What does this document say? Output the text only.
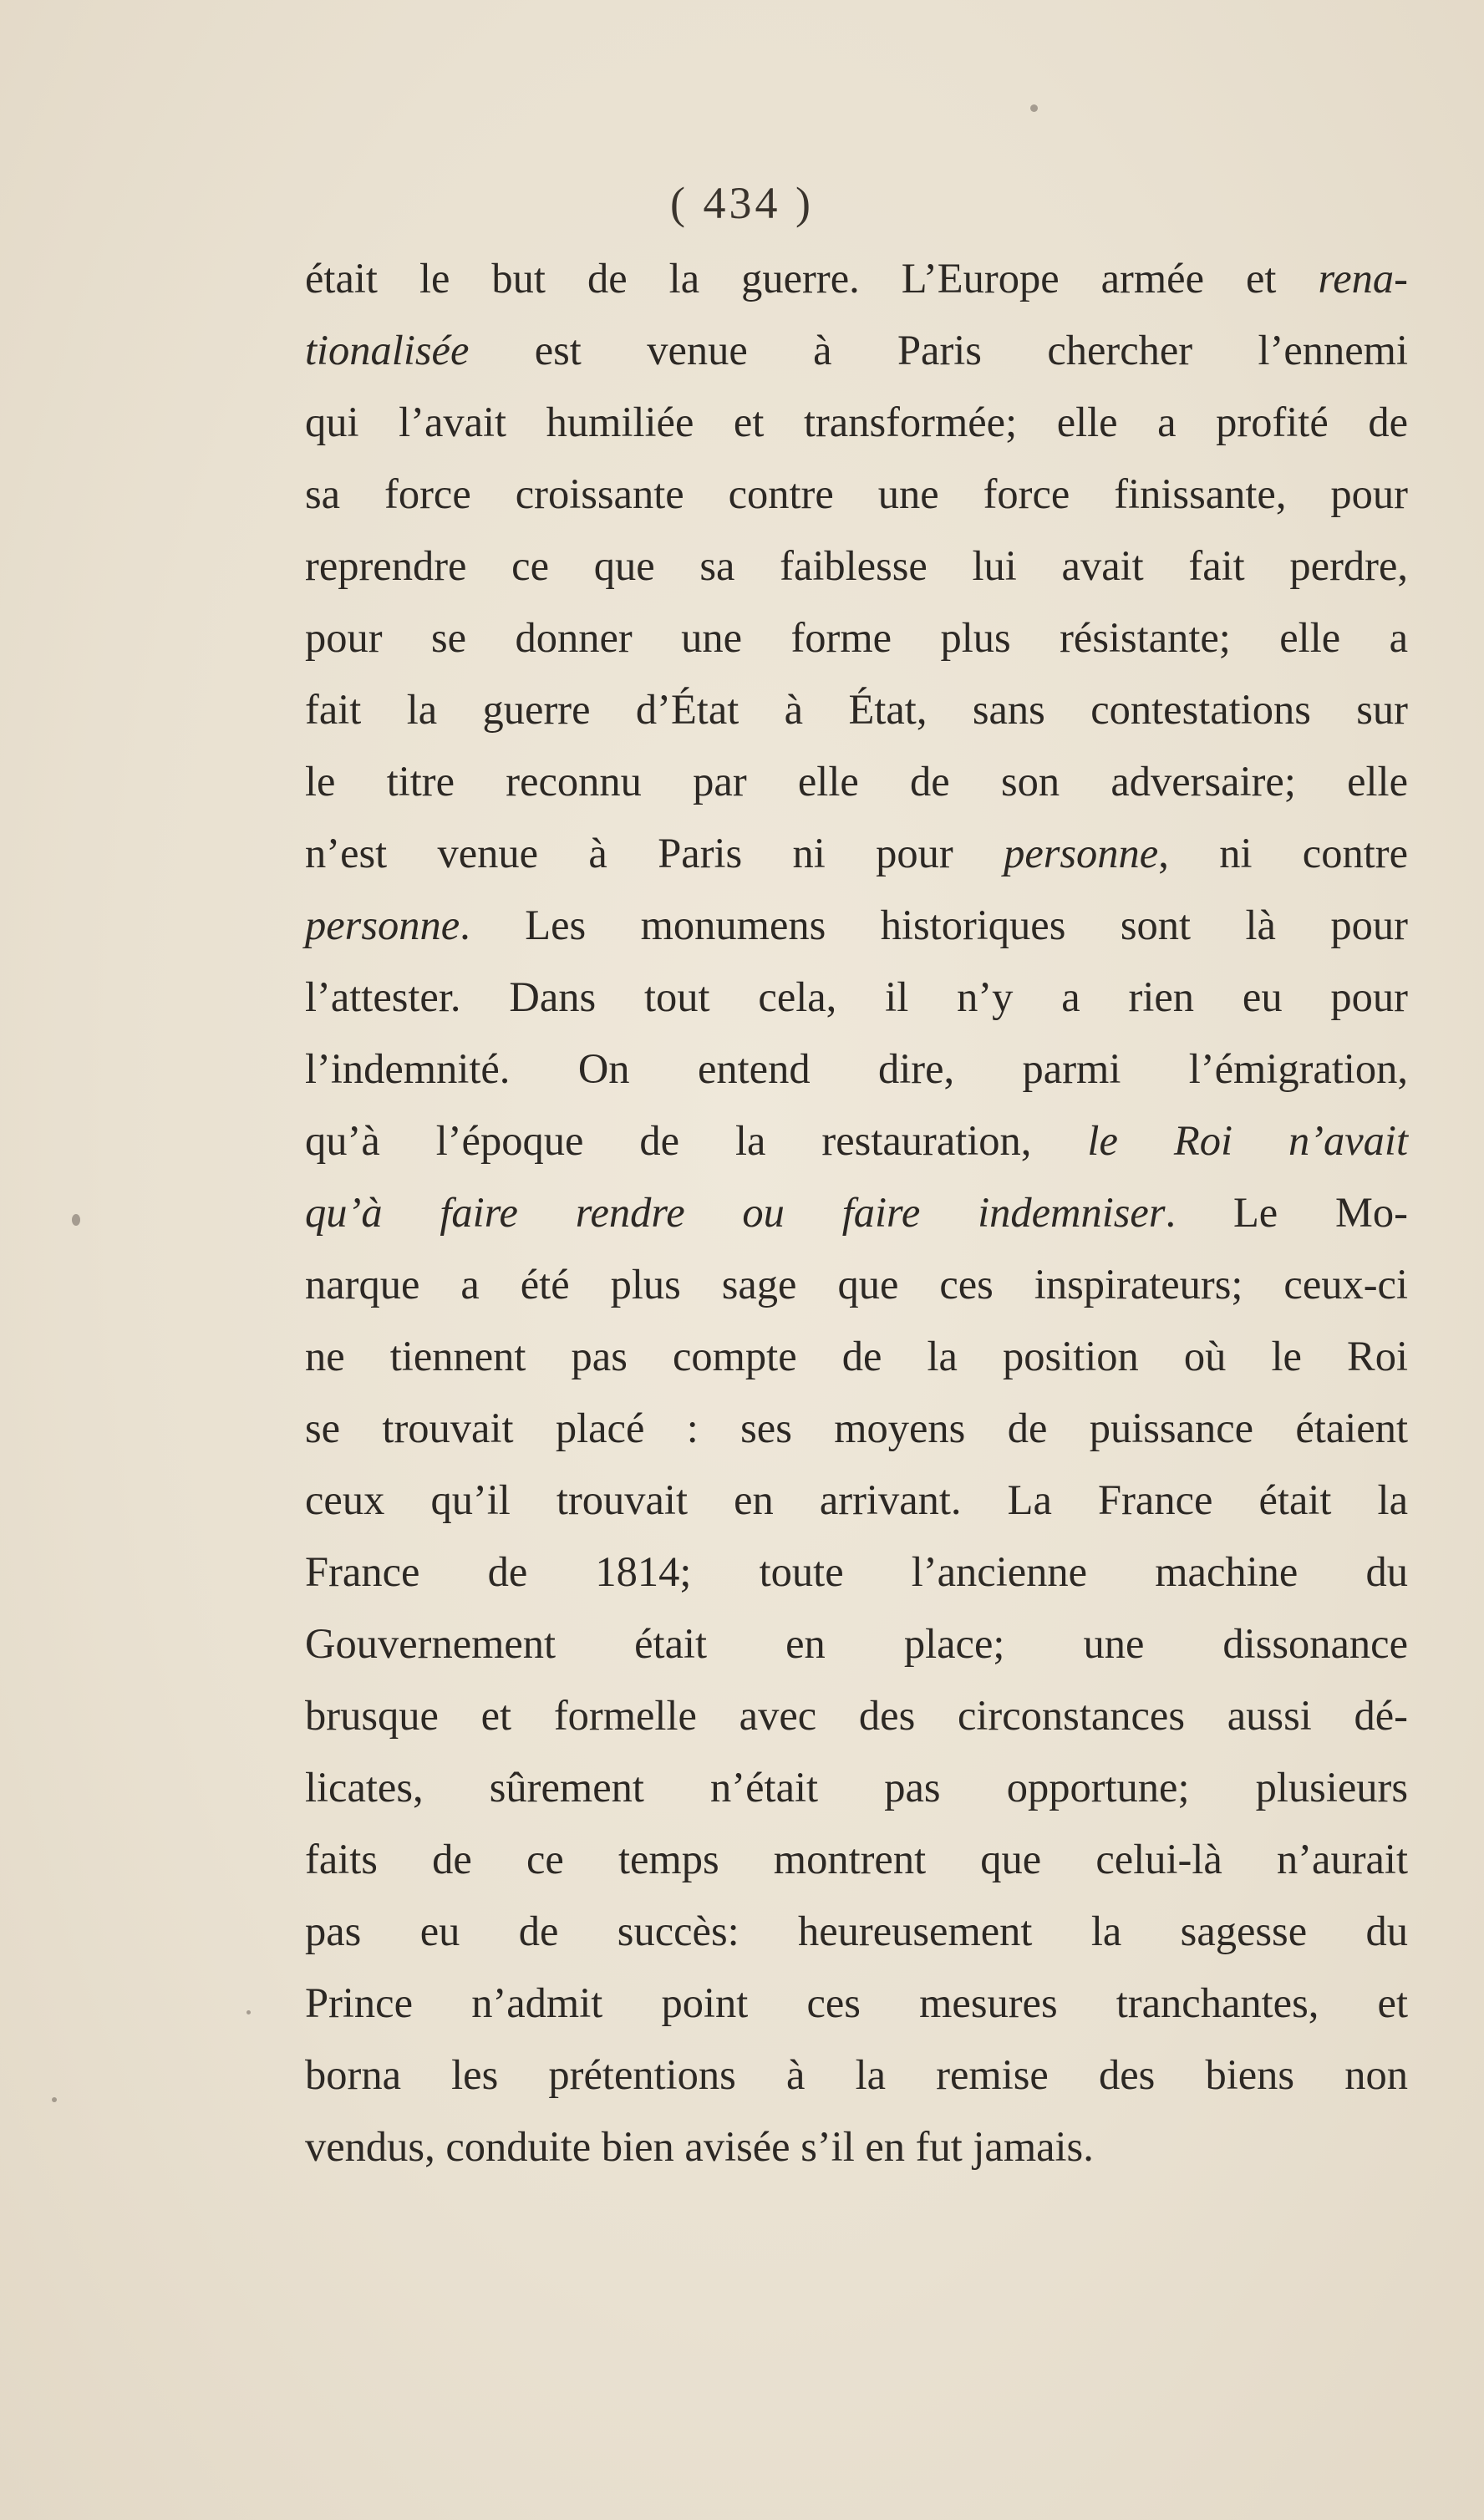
( 434 )
était le but de la guerre. L’Europe armée et rena-
tionalisée est venue à Paris chercher l’ennemi
qui l’avait humiliée et transformée; elle a profité de
sa force croissante contre une force finissante, pour
reprendre ce que sa faiblesse lui avait fait perdre,
pour se donner une forme plus résistante; elle a
fait la guerre d’État à État, sans contestations sur
le titre reconnu par elle de son adversaire; elle
n’est venue à Paris ni pour personne, ni contre
personne. Les monumens historiques sont là pour
l’attester. Dans tout cela, il n’y a rien eu pour
l’indemnité. On entend dire, parmi l’émigration,
qu’à l’époque de la restauration, le Roi n’avait
qu’à faire rendre ou faire indemniser. Le Mo-
narque a été plus sage que ces inspirateurs; ceux-ci
ne tiennent pas compte de la position où le Roi
se trouvait placé : ses moyens de puissance étaient
ceux qu’il trouvait en arrivant. La France était la
France de 1814; toute l’ancienne machine du
Gouvernement était en place; une dissonance
brusque et formelle avec des circonstances aussi dé-
licates, sûrement n’était pas opportune; plusieurs
faits de ce temps montrent que celui-là n’aurait
pas eu de succès: heureusement la sagesse du
Prince n’admit point ces mesures tranchantes, et
borna les prétentions à la remise des biens non
vendus, conduite bien avisée s’il en fut jamais.
